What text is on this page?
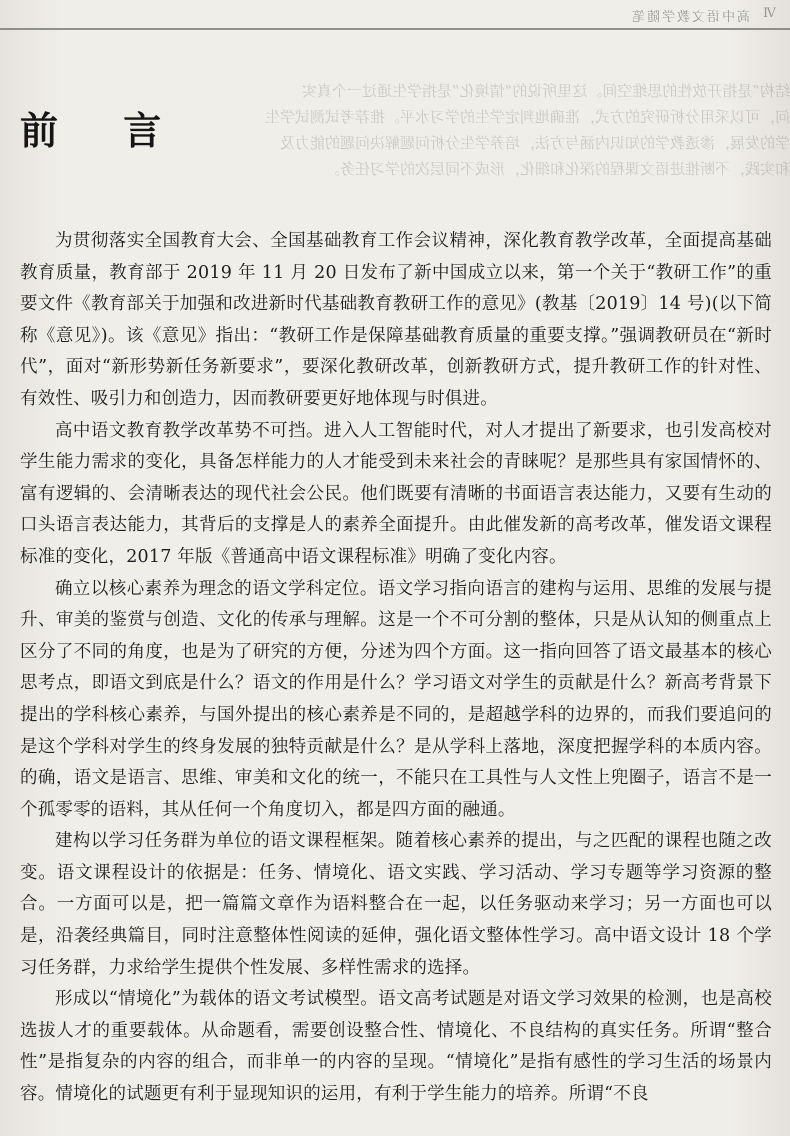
高中语文教学随笔 Ⅳ
结构”是指开放性的思维空间。这里所说的“情境化”是指学生通过一个真实
问，可以采用分析研究的方式，准确地判定学生的学习水平。推荐考试测试学生
学的发展，渗透教学的知识内涵与方法，培养学生分析问题解决问题的能力及
和实践，不断推进语文课程的深化和细化，形成不同层次的学习任务。
前 言

为贯彻落实全国教育大会、全国基础教育工作会议精神，深化教育教学改革，全面提高基础教育质量，教育部于 2019 年 11 月 20 日发布了新中国成立以来，第一个关于“教研工作”的重要文件《教育部关于加强和改进新时代基础教育教研工作的意见》(教基〔2019〕14 号)(以下简称《意见》)。该《意见》指出：“教研工作是保障基础教育质量的重要支撑。”强调教研员在“新时代”，面对“新形势新任务新要求”，要深化教研改革，创新教研方式，提升教研工作的针对性、有效性、吸引力和创造力，因而教研要更好地体现与时俱进。

高中语文教育教学改革势不可挡。进入人工智能时代，对人才提出了新要求，也引发高校对学生能力需求的变化，具备怎样能力的人才能受到未来社会的青睐呢？是那些具有家国情怀的、富有逻辑的、会清晰表达的现代社会公民。他们既要有清晰的书面语言表达能力，又要有生动的口头语言表达能力，其背后的支撑是人的素养全面提升。由此催发新的高考改革，催发语文课程标准的变化，2017 年版《普通高中语文课程标准》明确了变化内容。

确立以核心素养为理念的语文学科定位。语文学习指向语言的建构与运用、思维的发展与提升、审美的鉴赏与创造、文化的传承与理解。这是一个不可分割的整体，只是从认知的侧重点上区分了不同的角度，也是为了研究的方便，分述为四个方面。这一指向回答了语文最基本的核心思考点，即语文到底是什么？语文的作用是什么？学习语文对学生的贡献是什么？新高考背景下提出的学科核心素养，与国外提出的核心素养是不同的，是超越学科的边界的，而我们要追问的是这个学科对学生的终身发展的独特贡献是什么？是从学科上落地，深度把握学科的本质内容。的确，语文是语言、思维、审美和文化的统一，不能只在工具性与人文性上兜圈子，语言不是一个孤零零的语料，其从任何一个角度切入，都是四方面的融通。

建构以学习任务群为单位的语文课程框架。随着核心素养的提出，与之匹配的课程也随之改变。语文课程设计的依据是：任务、情境化、语文实践、学习活动、学习专题等学习资源的整合。一方面可以是，把一篇篇文章作为语料整合在一起，以任务驱动来学习；另一方面也可以是，沿袭经典篇目，同时注意整体性阅读的延伸，强化语文整体性学习。高中语文设计 18 个学习任务群，力求给学生提供个性发展、多样性需求的选择。

形成以“情境化”为载体的语文考试模型。语文高考试题是对语文学习效果的检测，也是高校选拔人才的重要载体。从命题看，需要创设整合性、情境化、不良结构的真实任务。所谓“整合性”是指复杂的内容的组合，而非单一的内容的呈现。“情境化”是指有感性的学习生活的场景内容。情境化的试题更有利于显现知识的运用，有利于学生能力的培养。所谓“不良
